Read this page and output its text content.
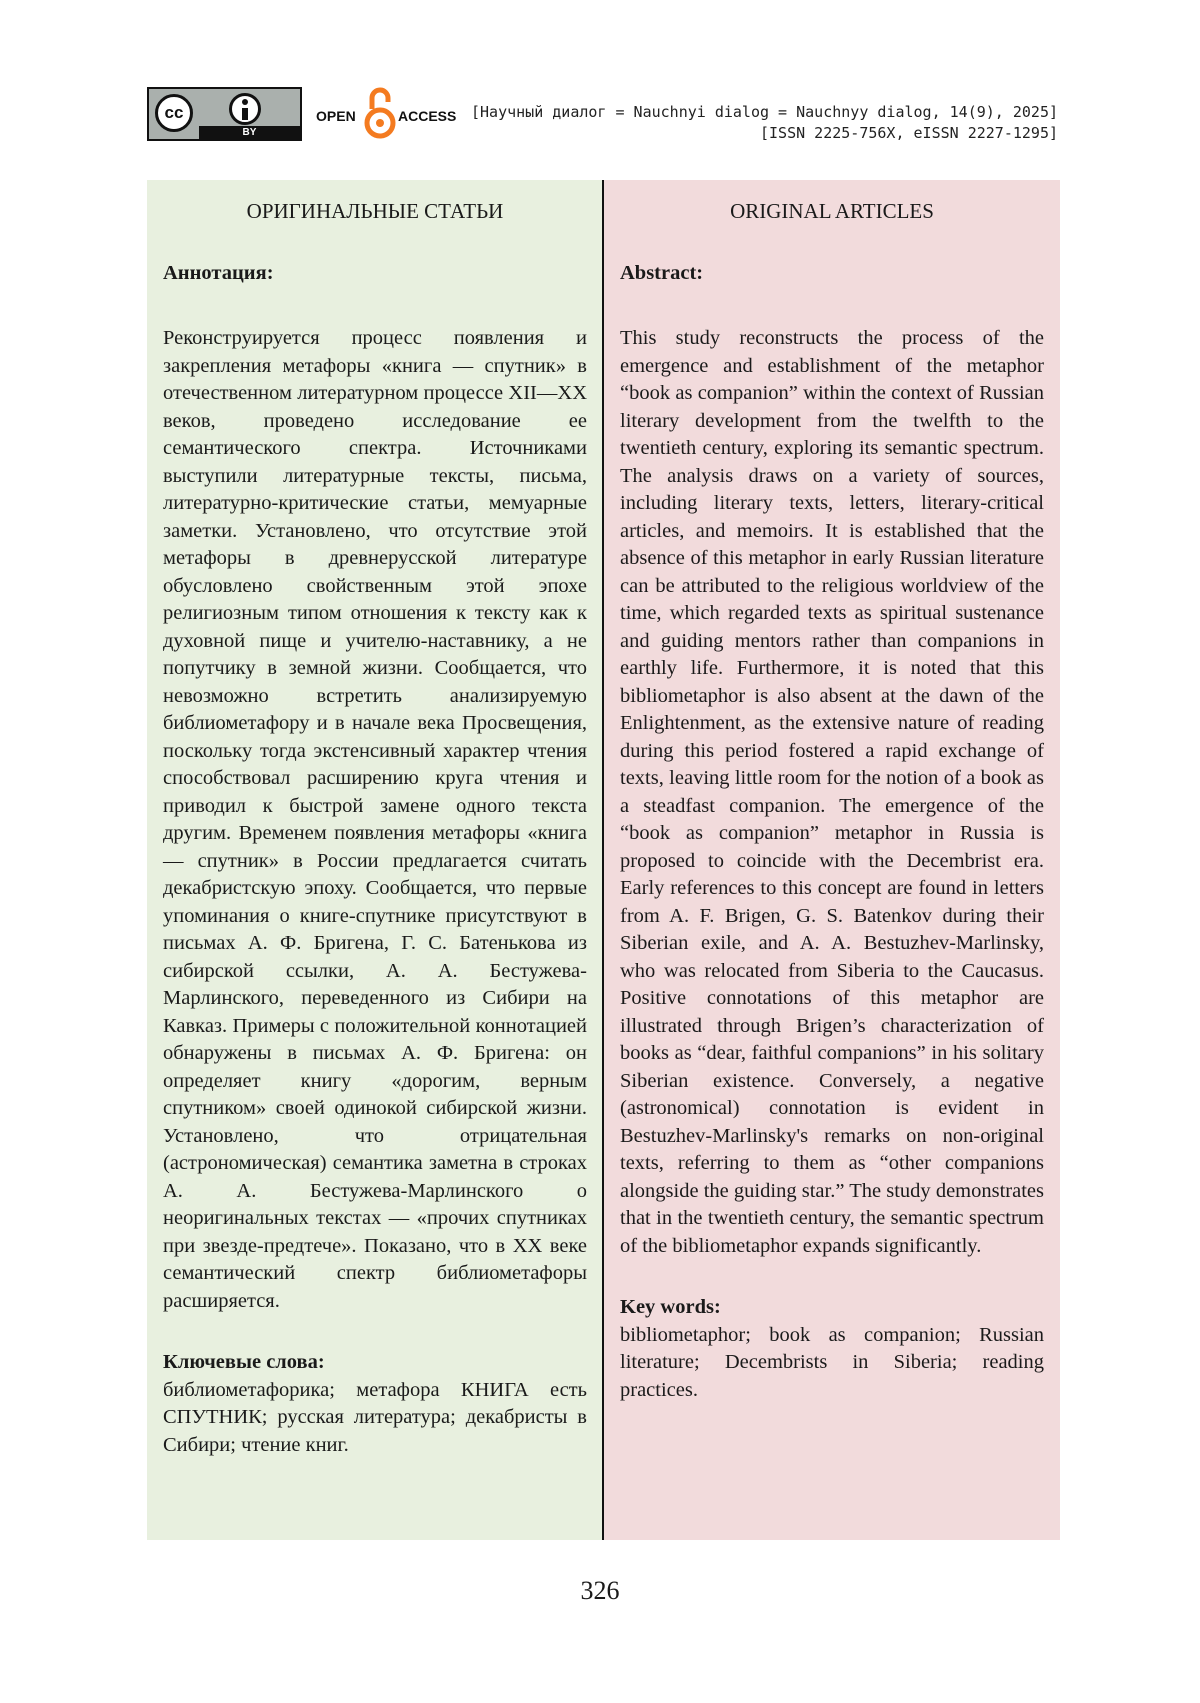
cc
BY
OPEN	ACCESS [Научный диалог = Nauchnyi dialog = Nauchnyy dialog, 14(9), 2025]
[ISSN 2225-756X, eISSN 2227-1295]
ОРИГИНАЛЬНЫЕ СТАТЬИ
Аннотация:
Реконструируется процесс появления и закрепления метафоры «книга — спутник» в отечественном литературном процессе XII—XX веков, проведено исследование ее семантического спектра. Источниками выступили литературные тексты, письма, литературно-критические статьи, мемуарные заметки. Установлено, что отсутствие этой метафоры в древнерусской литературе обусловлено свойственным этой эпохе религиозным типом отношения к тексту как к духовной пище и учителю-наставнику, а не попутчику в земной жизни. Сообщается, что невозможно встретить анализируемую библиометафору и в начале века Просвещения, поскольку тогда экстенсивный характер чтения способствовал расширению круга чтения и приводил к быстрой замене одного текста другим. Временем появления метафоры «книга — спутник» в России предлагается считать декабристскую эпоху. Сообщается, что первые упоминания о книге-спутнике присутствуют в письмах А. Ф. Бригена, Г. С. Батенькова из сибирской ссылки, А. А. Бестужева-Марлинского, переведенного из Сибири на Кавказ. Примеры с положительной коннотацией обнаружены в письмах А. Ф. Бригена: он определяет книгу «дорогим, верным спутником» своей одинокой сибирской жизни. Установлено, что отрицательная (астрономическая) семантика заметна в строках А. А. Бестужева-Марлинского о неоригинальных текстах — «прочих спутниках при звезде-предтече». Показано, что в XX веке семантический спектр библиометафоры расширяется.
Ключевые слова:
библиометафорика; метафора КНИГА есть СПУТНИК; русская литература; декабристы в Сибири; чтение книг.
ORIGINAL ARTICLES
Abstract:
This study reconstructs the process of the emergence and establishment of the metaphor “book as companion” within the context of Russian literary development from the twelfth to the twentieth century, exploring its semantic spectrum. The analysis draws on a variety of sources, including literary texts, letters, literary-critical articles, and memoirs. It is established that the absence of this metaphor in early Russian literature can be attributed to the religious worldview of the time, which regarded texts as spiritual sustenance and guiding mentors rather than companions in earthly life. Furthermore, it is noted that this bibliometaphor is also absent at the dawn of the Enlightenment, as the extensive nature of reading during this period fostered a rapid exchange of texts, leaving little room for the notion of a book as a steadfast companion. The emergence of the “book as companion” metaphor in Russia is proposed to coincide with the Decembrist era. Early references to this concept are found in letters from A. F. Brigen, G. S. Batenkov during their Siberian exile, and A. A. Bestuzhev-Marlinsky, who was relocated from Siberia to the Caucasus. Positive connotations of this metaphor are illustrated through Brigen’s characterization of books as “dear, faithful companions” in his solitary Siberian existence. Conversely, a negative (astronomical) connotation is evident in Bestuzhev-Marlinsky's remarks on non-original texts, referring to them as “other companions alongside the guiding star.” The study demonstrates that in the twentieth century, the semantic spectrum of the bibliometaphor expands significantly.
Key words:
bibliometaphor; book as companion; Russian literature; Decembrists in Siberia; reading practices.
326
